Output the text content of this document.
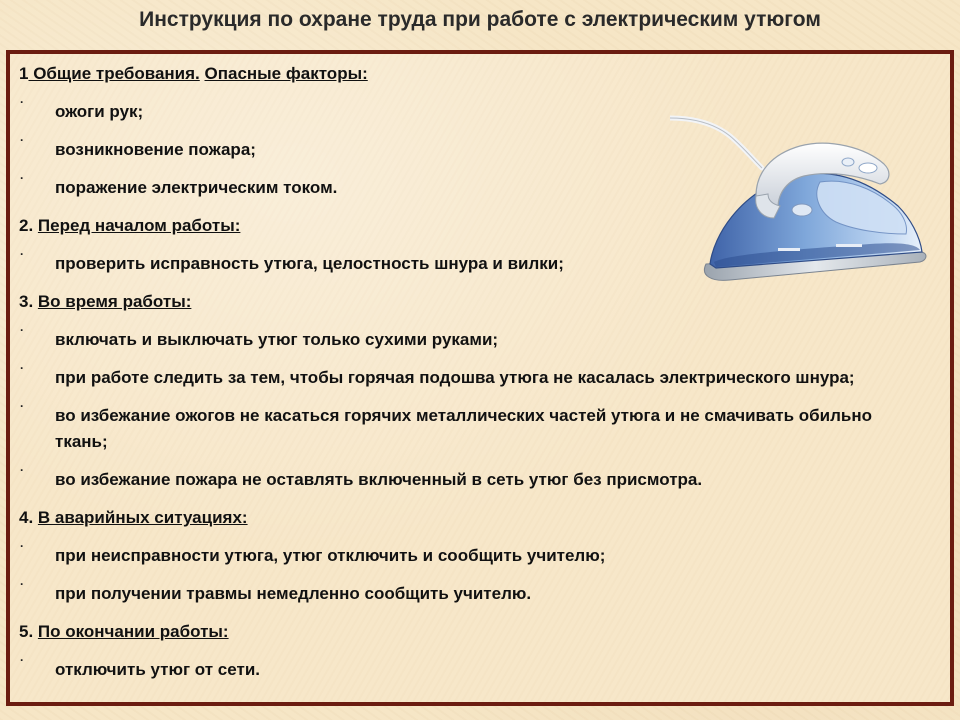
Инструкция по охране труда при работе с электрическим утюгом
1 Общие требования. Опасные факторы:
· ожоги рук;
· возникновение пожара;
· поражение электрическим током.
2. Перед началом работы:
· проверить исправность утюга, целостность шнура и вилки;
3. Во время работы:
· включать и выключать утюг только сухими руками;
· при работе следить за тем, чтобы горячая подошва утюга не касалась электрического шнура;
· во избежание ожогов не касаться горячих металлических частей утюга и не смачивать обильно ткань;
· во избежание пожара не оставлять включенный в сеть утюг без присмотра.
4. В аварийных ситуациях:
· при неисправности утюга, утюг отключить и сообщить учителю;
· при получении травмы немедленно сообщить учителю.
5. По окончании работы:
· отключить утюг от сети.
